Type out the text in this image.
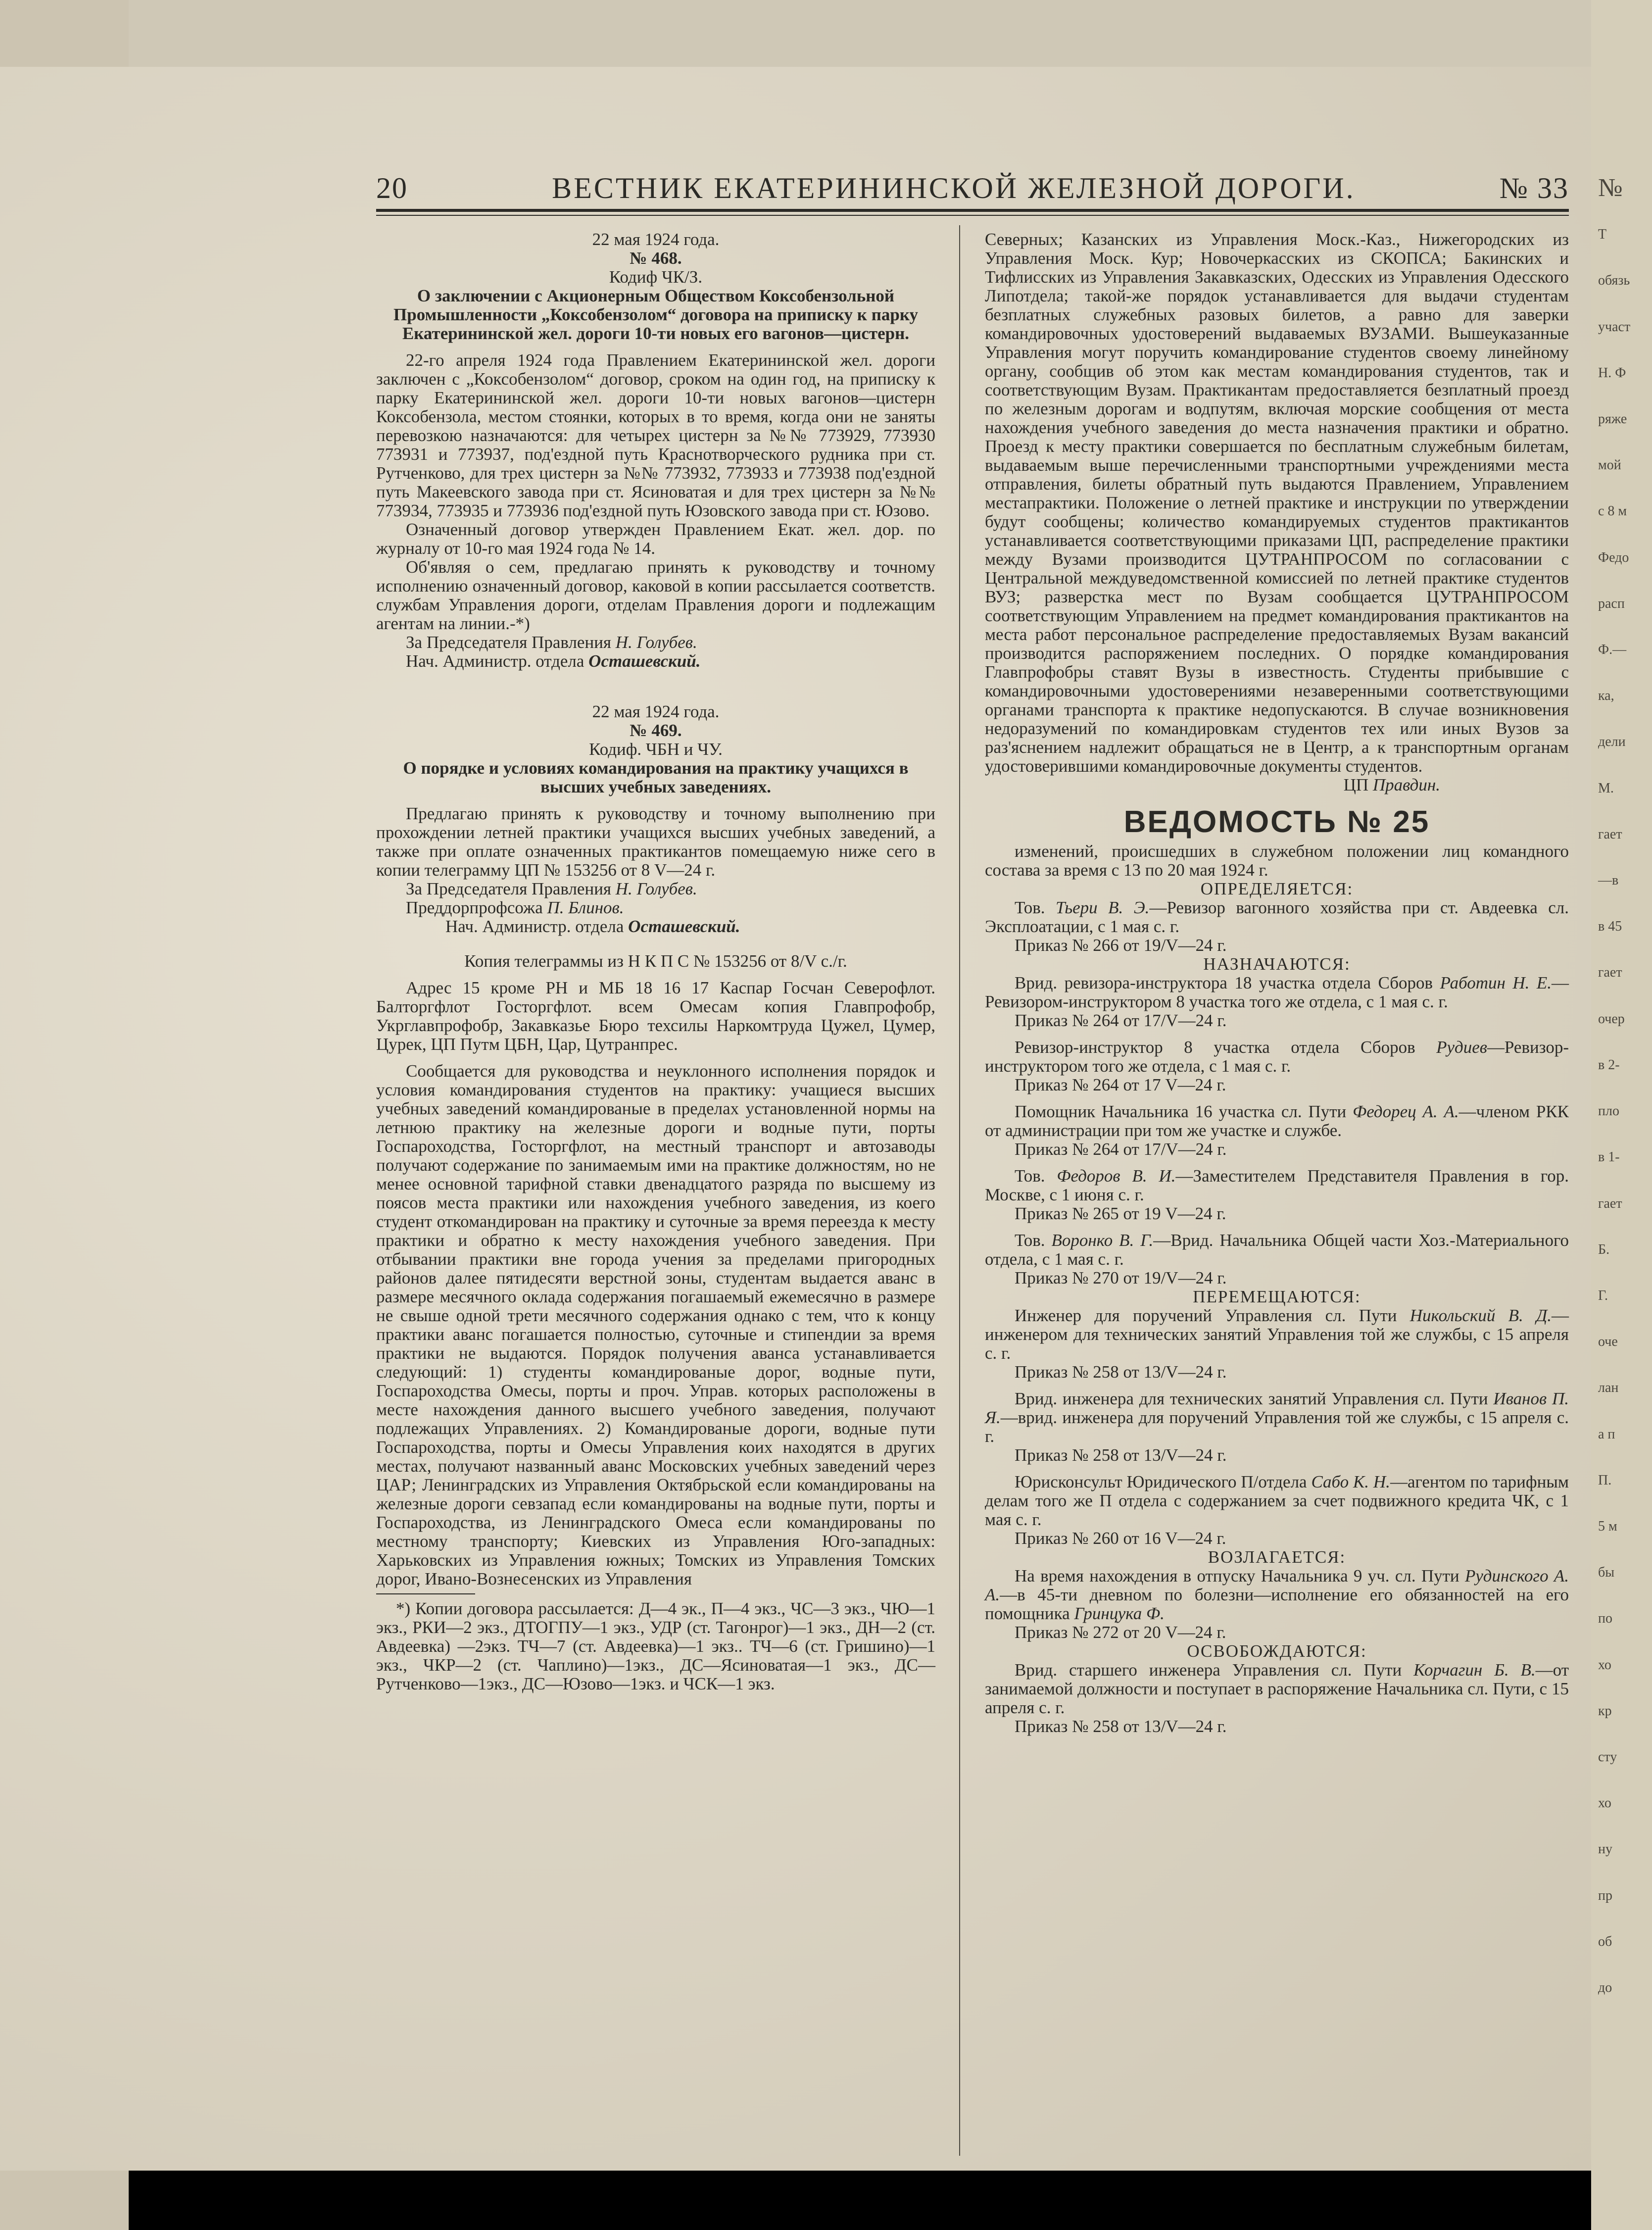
№
Т
обязь
участ
Н. Ф
ряже
мой
с 8 м
Федо
расп
Ф.—
ка,
дели
М.
гает
—в
в 45
гает
очер
в 2-
пло
в 1-
гает
Б.
Г.
оче
лан
а п
П.
5 м
бы
по
хо
кр
сту
хо
ну
пр
об
до
20	ВЕСТНИК ЕКАТЕРИНИНСКОЙ ЖЕЛЕЗНОЙ ДОРОГИ.	№ 33

22 мая 1924 года.

№ 468.

Кодиф ЧК/З.

О заключении с Акционерным Обществом Коксобензольной Промышленности „Коксобензолом“ договора на приписку к парку Екатерининской жел. дороги 10-ти новых его вагонов—цистерн.

22-го апреля 1924 года Правлением Екатерининской жел. дороги заключен с „Коксобензолом“ договор, сроком на один год, на приписку к парку Екатерининской жел. дороги 10-ти новых вагонов—цистерн Коксобензола, местом стоянки, которых в то время, когда они не заняты перевозкою назначаются: для четырех цистерн за №№ 773929, 773930 773931 и 773937, под'ездной путь Краснотворческого рудника при ст. Рутченково, для трех цистерн за №№ 773932, 773933 и 773938 под'ездной путь Макеевского завода при ст. Ясиноватая и для трех цистерн за №№ 773934, 773935 и 773936 под'ездной путь Юзовского завода при ст. Юзово.

Означенный договор утвержден Правлением Екат. жел. дор. по журналу от 10-го мая 1924 года № 14.

Об'являя о сем, предлагаю принять к руководству и точному исполнению означенный договор, каковой в копии рассылается соответств. службам Управления дороги, отделам Правления дороги и подлежащим агентам на линии.-*)

За Председателя Правления Н. Голубев.

Нач. Администр. отдела Осташевский.

22 мая 1924 года.

№ 469.

Кодиф. ЧБН и ЧУ.

О порядке и условиях командирования на практику учащихся в высших учебных заведениях.

Предлагаю принять к руководству и точному выполнению при прохождении летней практики учащихся высших учебных заведений, а также при оплате означенных практикантов помещаемую ниже сего в копии телеграмму ЦП № 153256 от 8 V—24 г.

За Председателя Правления Н. Голубев.

Преддорпрофсожа П. Блинов.

Нач. Администр. отдела Осташевский.

Копия телеграммы из Н К П С № 153256 от 8/V с./г.

Адрес 15 кроме РН и МБ 18 16 17 Каспар Госчан Северофлот. Балторгфлот Госторгфлот. всем Омесам копия Главпрофобр, Укрглавпрофобр, Закавказье Бюро техсилы Наркомтруда Цужел, Цумер, Цурек, ЦП Путм ЦБН, Цар, Цутранпрес.

Сообщается для руководства и неуклонного исполнения порядок и условия командирования студентов на практику: учащиеся высших учебных заведений командированые в пределах установленной нормы на летнюю практику на железные дороги и водные пути, порты Госпароходства, Госторгфлот, на местный транспорт и автозаводы получают содержание по занимаемым ими на практике должностям, но не менее основной тарифной ставки двенадцатого разряда по высшему из поясов места практики или нахождения учебного заведения, из коего студент откомандирован на практику и суточные за время переезда к месту практики и обратно к месту нахождения учебного заведения. При отбывании практики вне города учения за пределами пригородных районов далее пятидесяти верстной зоны, студентам выдается аванс в размере месячного оклада содержания погашаемый ежемесячно в размере не свыше одной трети месячного содержания однако с тем, что к концу практики аванс погашается полностью, суточные и стипендии за время практики не выдаются. Порядок получения аванса устанавливается следующий: 1) студенты командированые дорог, водные пути, Госпароходства Омесы, порты и проч. Управ. которых расположены в месте нахождения данного высшего учебного заведения, получают подлежащих Управлениях. 2) Командированые дороги, водные пути Госпароходства, порты и Омесы Управления коих находятся в других местах, получают названный аванс Московских учебных заведений через ЦАР; Ленинградских из Управления Октябрьской если командированы на железные дороги севзапад если командированы на водные пути, порты и Госпароходства, из Ленинградского Омеса если командированы по местному транспорту; Киевских из Управления Юго-западных: Харьковских из Управления южных; Томских из Управления Томских дорог, Ивано-Вознесенских из Управления

*) Копии договора рассылается: Д—4 эк., П—4 экз., ЧС—3 экз., ЧЮ—1 экз., РКИ—2 экз., ДТОГПУ—1 экз., УДР (ст. Тагонрог)—1 экз., ДН—2 (ст. Авдеевка) —2экз. ТЧ—7 (ст. Авдеевка)—1 экз.. ТЧ—6 (ст. Гришино)—1 экз., ЧКР—2 (ст. Чаплино)—1экз., ДС—Ясиноватая—1 экз., ДС—Рутченково—1экз., ДС—Юзово—1экз. и ЧСК—1 экз.

Северных; Казанских из Управления Моск.-Каз., Нижегородских из Управления Моск. Кур; Новочеркасских из СКОПСА; Бакинских и Тифлисских из Управления Закавказских, Одесских из Управления Одесского Липотдела; такой-же порядок устанавливается для выдачи студентам безплатных служебных разовых билетов, а равно для заверки командировочных удостоверений выдаваемых ВУЗАМИ. Вышеуказанные Управления могут поручить командирование студентов своему линейному органу, сообщив об этом как местам командирования студентов, так и соответствующим Вузам. Практикантам предоставляется безплатный проезд по железным дорогам и водпутям, включая морские сообщения от места нахождения учебного заведения до места назначения практики и обратно. Проезд к месту практики совершается по бесплатным служебным билетам, выдаваемым выше перечисленными транспортными учреждениями места отправления, билеты обратный путь выдаются Правлением, Управлением местапрактики. Положение о летней практике и инструкции по утверждении будут сообщены; количество командируемых студентов практикантов устанавливается соответствующими приказами ЦП, распределение практики между Вузами производится ЦУТРАНПРОСОМ по согласовании с Центральной междуведомственной комиссией по летней практике студентов ВУЗ; разверстка мест по Вузам сообщается ЦУТРАНПРОСОМ соответствующим Управлением на предмет командирования практикантов на места работ персональное распределение предоставляемых Вузам вакансий производится распоряжением последних. О порядке командирования Главпрофобры ставят Вузы в известность. Студенты прибывшие с командировочными удостоверениями незаверенными соответствующими органами транспорта к практике недопускаются. В случае возникновения недоразумений по командировкам студентов тех или иных Вузов за раз'яснением надлежит обращаться не в Центр, а к транспортным органам удостоверившими командировочные документы студентов.

ЦП Правдин.

ВЕДОМОСТЬ № 25

изменений, происшедших в служебном положении лиц командного состава за время с 13 по 20 мая 1924 г.

ОПРЕДЕЛЯЕТСЯ:

Тов. Тьери В. Э.—Ревизор вагонного хозяйства при ст. Авдеевка сл. Эксплоатации, с 1 мая с. г.

Приказ № 266 от 19/V—24 г.

НАЗНАЧАЮТСЯ:

Врид. ревизора-инструктора 18 участка отдела Сборов Работин Н. Е.—Ревизором-инструктором 8 участка того же отдела, с 1 мая с. г.

Приказ № 264 от 17/V—24 г.

Ревизор-инструктор 8 участка отдела Сборов Рудиев—Ревизор-инструктором того же отдела, с 1 мая с. г.

Приказ № 264 от 17 V—24 г.

Помощник Начальника 16 участка сл. Пути Федорец А. А.—членом РКК от администрации при том же участке и службе.

Приказ № 264 от 17/V—24 г.

Тов. Федоров В. И.—Заместителем Представителя Правления в гор. Москве, с 1 июня с. г.

Приказ № 265 от 19 V—24 г.

Тов. Воронко В. Г.—Врид. Начальника Общей части Хоз.-Материального отдела, с 1 мая с. г.

Приказ № 270 от 19/V—24 г.

ПЕРЕМЕЩАЮТСЯ:

Инженер для поручений Управления сл. Пути Никольский В. Д.—инженером для технических занятий Управления той же службы, с 15 апреля с. г.

Приказ № 258 от 13/V—24 г.

Врид. инженера для технических занятий Управления сл. Пути Иванов П. Я.—врид. инженера для поручений Управления той же службы, с 15 апреля с. г.

Приказ № 258 от 13/V—24 г.

Юрисконсульт Юридического П/отдела Сабо К. Н.—агентом по тарифным делам того же П отдела с содержанием за счет подвижного кредита ЧК, с 1 мая с. г.

Приказ № 260 от 16 V—24 г.

ВОЗЛАГАЕТСЯ:

На время нахождения в отпуску Начальника 9 уч. сл. Пути Рудинского А. А.—в 45-ти дневном по болезни—исполнение его обязанностей на его помощника Гринцука Ф.

Приказ № 272 от 20 V—24 г.

ОСВОБОЖДАЮТСЯ:

Врид. старшего инженера Управления сл. Пути Корчагин Б. В.—от занимаемой должности и поступает в распоряжение Начальника сл. Пути, с 15 апреля с. г.

Приказ № 258 от 13/V—24 г.
